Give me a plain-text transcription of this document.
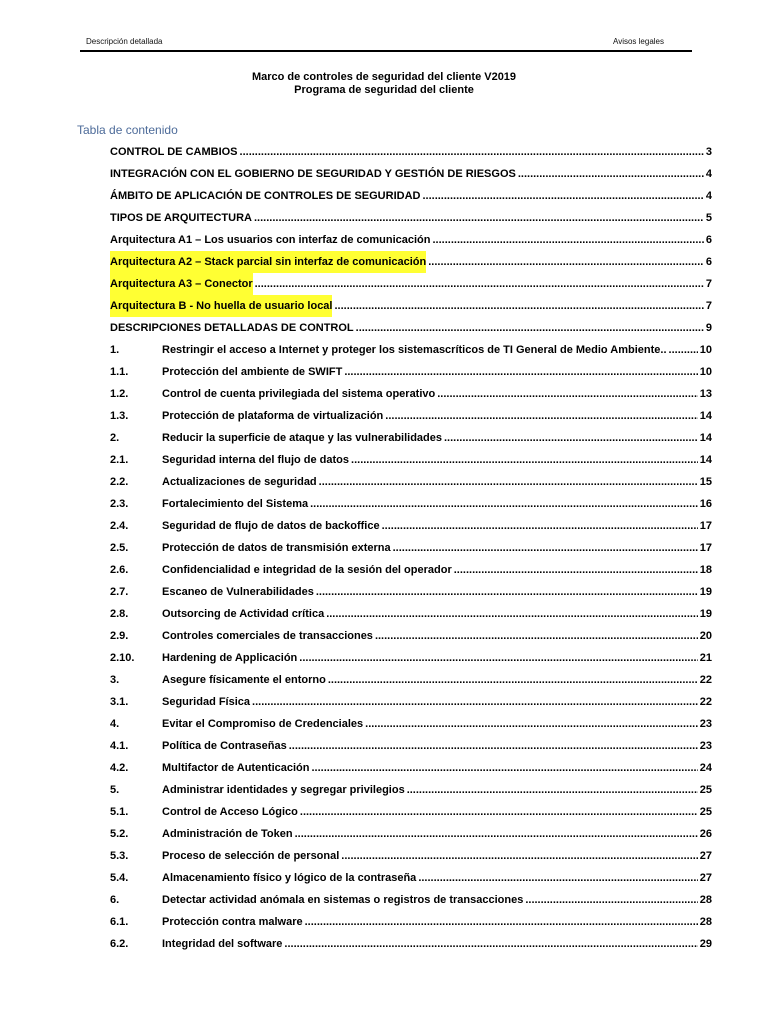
Descripción detallada	Avisos legales
Marco de controles de seguridad del cliente V2019
Programa de seguridad del cliente
Tabla de contenido
CONTROL DE CAMBIOS .....	3
INTEGRACIÓN CON EL GOBIERNO DE SEGURIDAD Y GESTIÓN DE RIESGOS .....	4
ÁMBITO DE APLICACIÓN DE CONTROLES DE SEGURIDAD .....	4
TIPOS DE ARQUITECTURA .....	5
Arquitectura A1 – Los usuarios con interfaz de comunicación .....	6
Arquitectura A2 – Stack parcial sin interfaz de comunicación .....	6
Arquitectura A3 – Conector .....	7
Arquitectura B - No huella de usuario local .....	7
DESCRIPCIONES DETALLADAS DE CONTROL .....	9
1.	Restringir el acceso a Internet y proteger los sistemascríticos de TI General de Medio Ambiente.. .....	10
1.1.	Protección del ambiente de SWIFT .....	10
1.2.	Control de cuenta privilegiada del sistema operativo .....	13
1.3.	Protección de plataforma de virtualización .....	14
2.	Reducir la superficie de ataque y las vulnerabilidades .....	14
2.1.	Seguridad interna del flujo de datos .....	14
2.2.	Actualizaciones de seguridad .....	15
2.3.	Fortalecimiento del Sistema .....	16
2.4.	Seguridad de flujo de datos de backoffice .....	17
2.5.	Protección de datos de transmisión externa .....	17
2.6.	Confidencialidad e integridad de la sesión del operador .....	18
2.7.	Escaneo de Vulnerabilidades .....	19
2.8.	Outsorcing de Actividad crítica .....	19
2.9.	Controles comerciales de transacciones .....	20
2.10.	Hardening de Applicación .....	21
3.	Asegure físicamente el entorno .....	22
3.1.	Seguridad Física .....	22
4.	Evitar el Compromiso de Credenciales .....	23
4.1.	Política de Contraseñas .....	23
4.2.	Multifactor de Autenticación .....	24
5.	Administrar identidades y segregar privilegios .....	25
5.1.	Control de Acceso Lógico .....	25
5.2.	Administración de Token .....	26
5.3.	Proceso de selección de personal .....	27
5.4.	Almacenamiento físico y lógico de la contraseña .....	27
6.	Detectar actividad anómala en sistemas o registros de transacciones .....	28
6.1.	Protección contra malware .....	28
6.2.	Integridad del software .....	29
